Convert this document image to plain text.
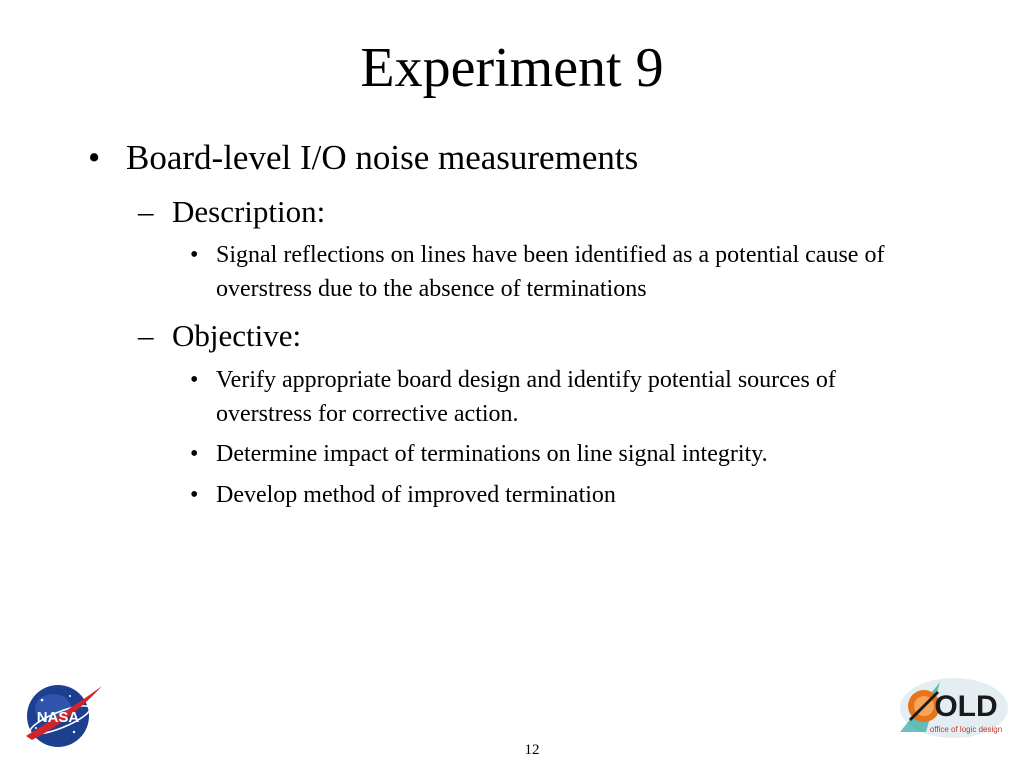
Experiment 9
• Board-level I/O noise measurements
– Description:
• Signal reflections on lines have been identified as a potential cause of overstress due to the absence of terminations
– Objective:
• Verify appropriate board design and identify potential sources of overstress for corrective action.
• Determine impact of terminations on line signal integrity.
• Develop method of improved termination
NASA
12
OLD
office of logic design
